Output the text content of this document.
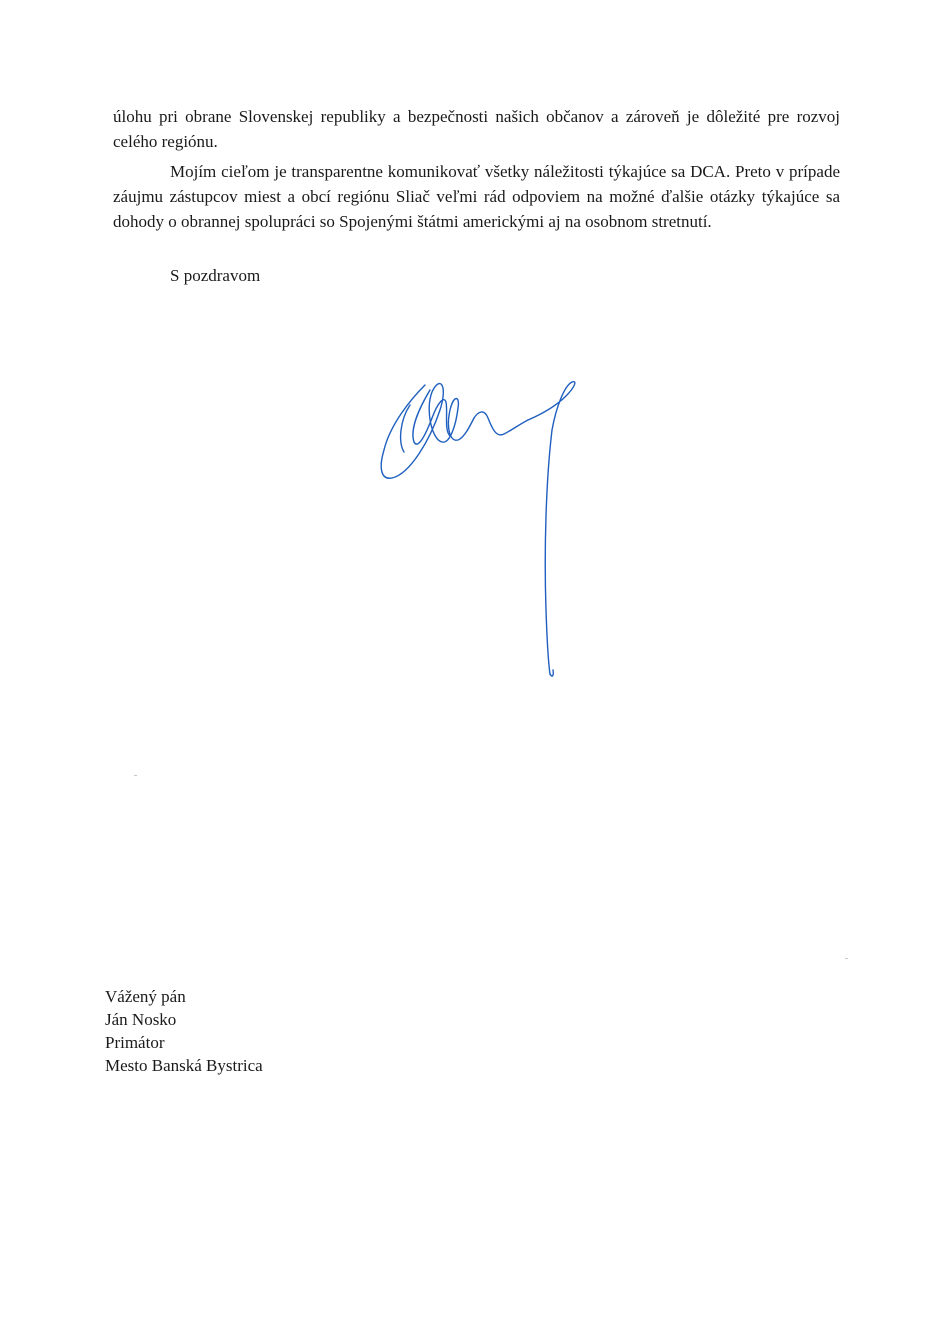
úlohu pri obrane Slovenskej republiky a bezpečnosti našich občanov a zároveň je dôležité pre rozvoj celého regiónu.

Mojím cieľom je transparentne komunikovať všetky náležitosti týkajúce sa DCA. Preto v prípade záujmu zástupcov miest a obcí regiónu Sliač veľmi rád odpoviem na možné ďalšie otázky týkajúce sa dohody o obrannej spolupráci so Spojenými štátmi americkými aj na osobnom stretnutí.

S pozdravom

Vážený pán
Ján Nosko
Primátor
Mesto Banská Bystrica
